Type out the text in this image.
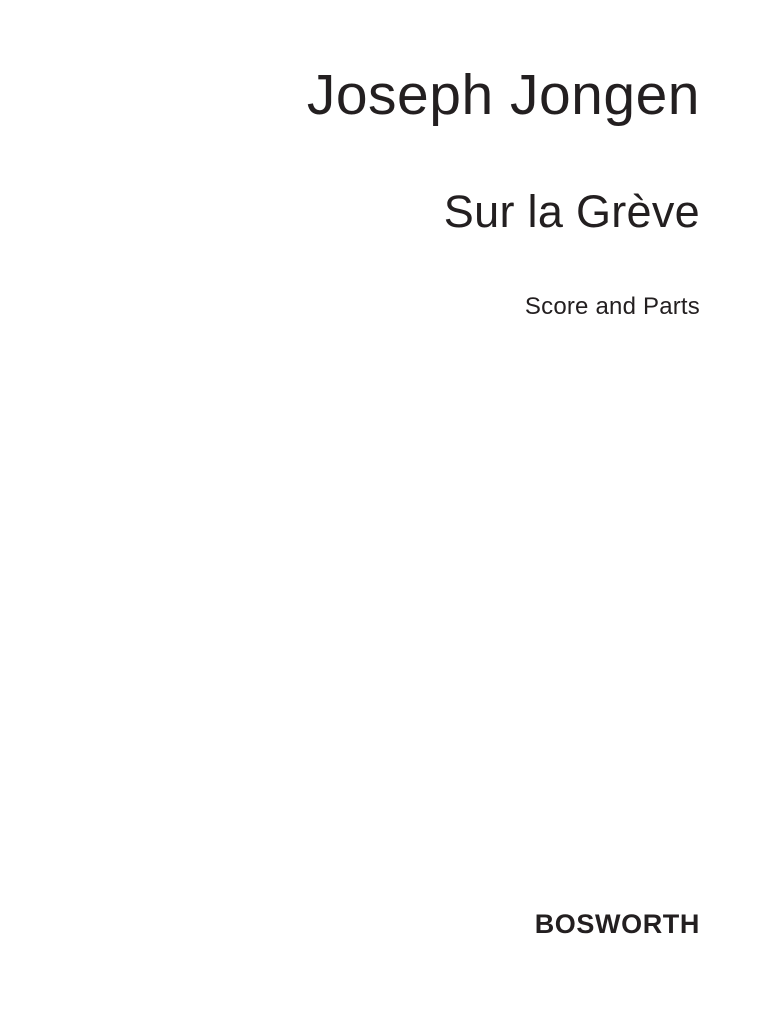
Joseph Jongen
Sur la Grève
Score and Parts
BOSWORTH
